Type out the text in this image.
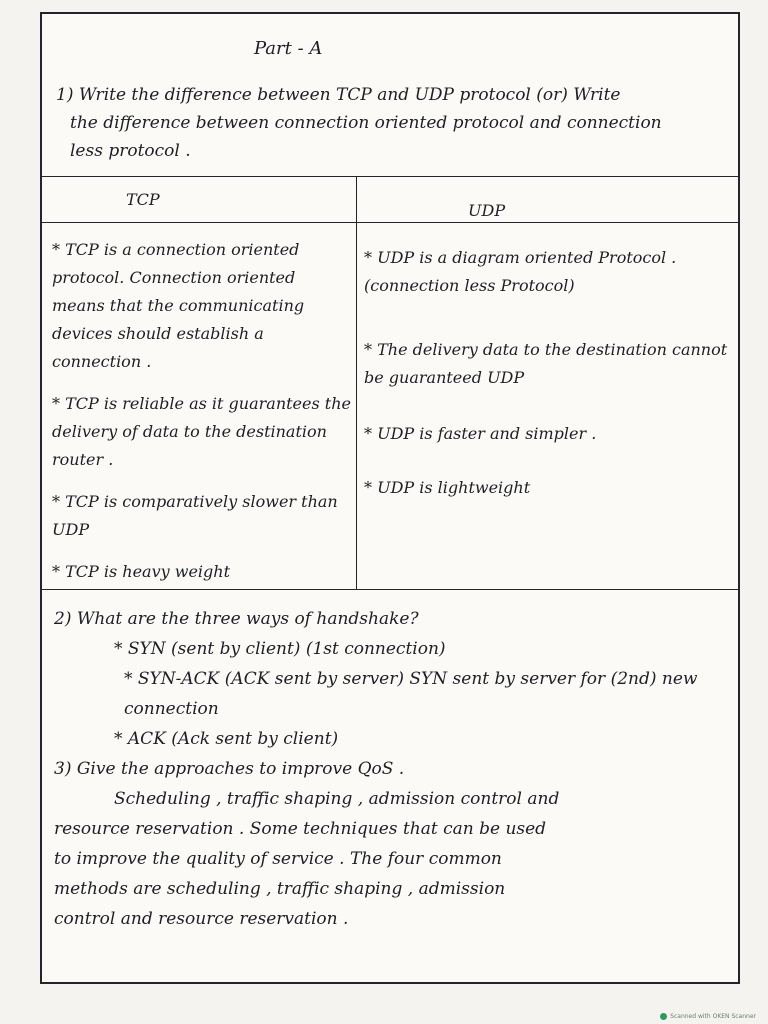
Part - A
1) Write the difference between TCP and UDP protocol (or) Write
the difference between connection oriented protocol and connection
less protocol .
TCP
UDP
* TCP is a connection oriented protocol. Connection oriented means that the communicating devices should establish a connection .
* TCP is reliable as it guarantees the delivery of data to the destination router .
* TCP is comparatively slower than UDP
* TCP is heavy weight
* UDP is a diagram oriented Protocol . (connection less Protocol)
* The delivery data to the destination cannot be guaranteed UDP
* UDP is faster and simpler .
* UDP is lightweight
2) What are the three ways of handshake?
* SYN (sent by client) (1st connection)
* SYN-ACK (ACK sent by server) SYN sent by server for (2nd) new connection
* ACK (Ack sent by client)
3) Give the approaches to improve QoS .
Scheduling , traffic shaping , admission control and
resource reservation . Some techniques that can be used
to improve the quality of service . The four common
methods are scheduling , traffic shaping , admission
control and resource reservation .
Scanned with OKEN Scanner
